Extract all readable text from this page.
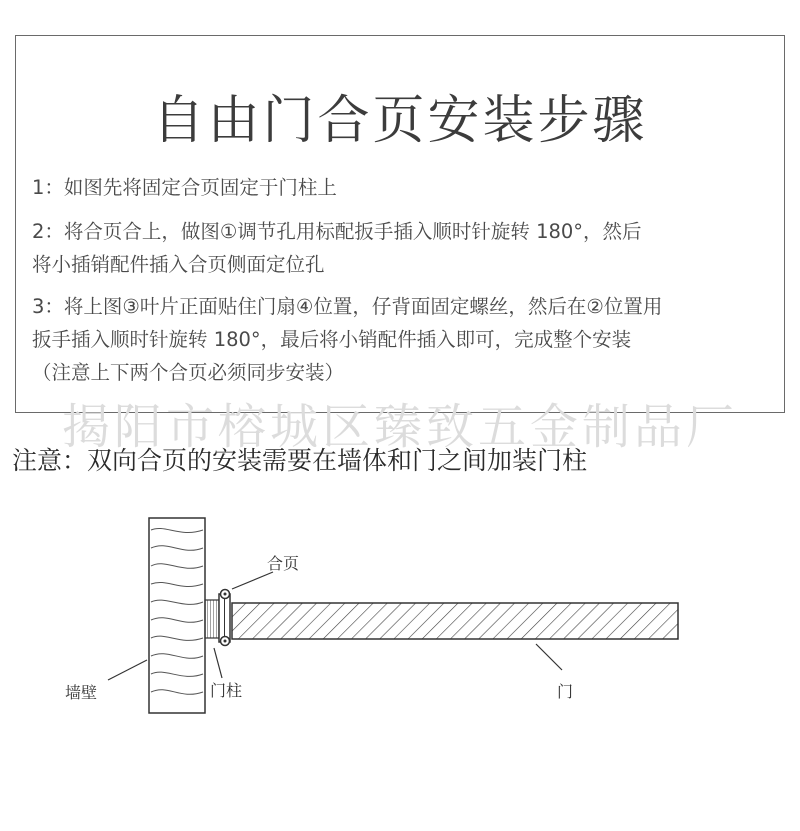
自由门合页安装步骤
1：如图先将固定合页固定于门柱上
2：将合页合上，做图①调节孔用标配扳手插入顺时针旋转 180°，然后
将小插销配件插入合页侧面定位孔
3：将上图③叶片正面贴住门扇④位置，仔背面固定螺丝，然后在②位置用
扳手插入顺时针旋转 180°，最后将小销配件插入即可，完成整个安装
（注意上下两个合页必须同步安装）
揭阳市榕城区臻致五金制品厂
注意：双向合页的安装需要在墙体和门之间加装门柱
合页
墙壁	门柱	门
